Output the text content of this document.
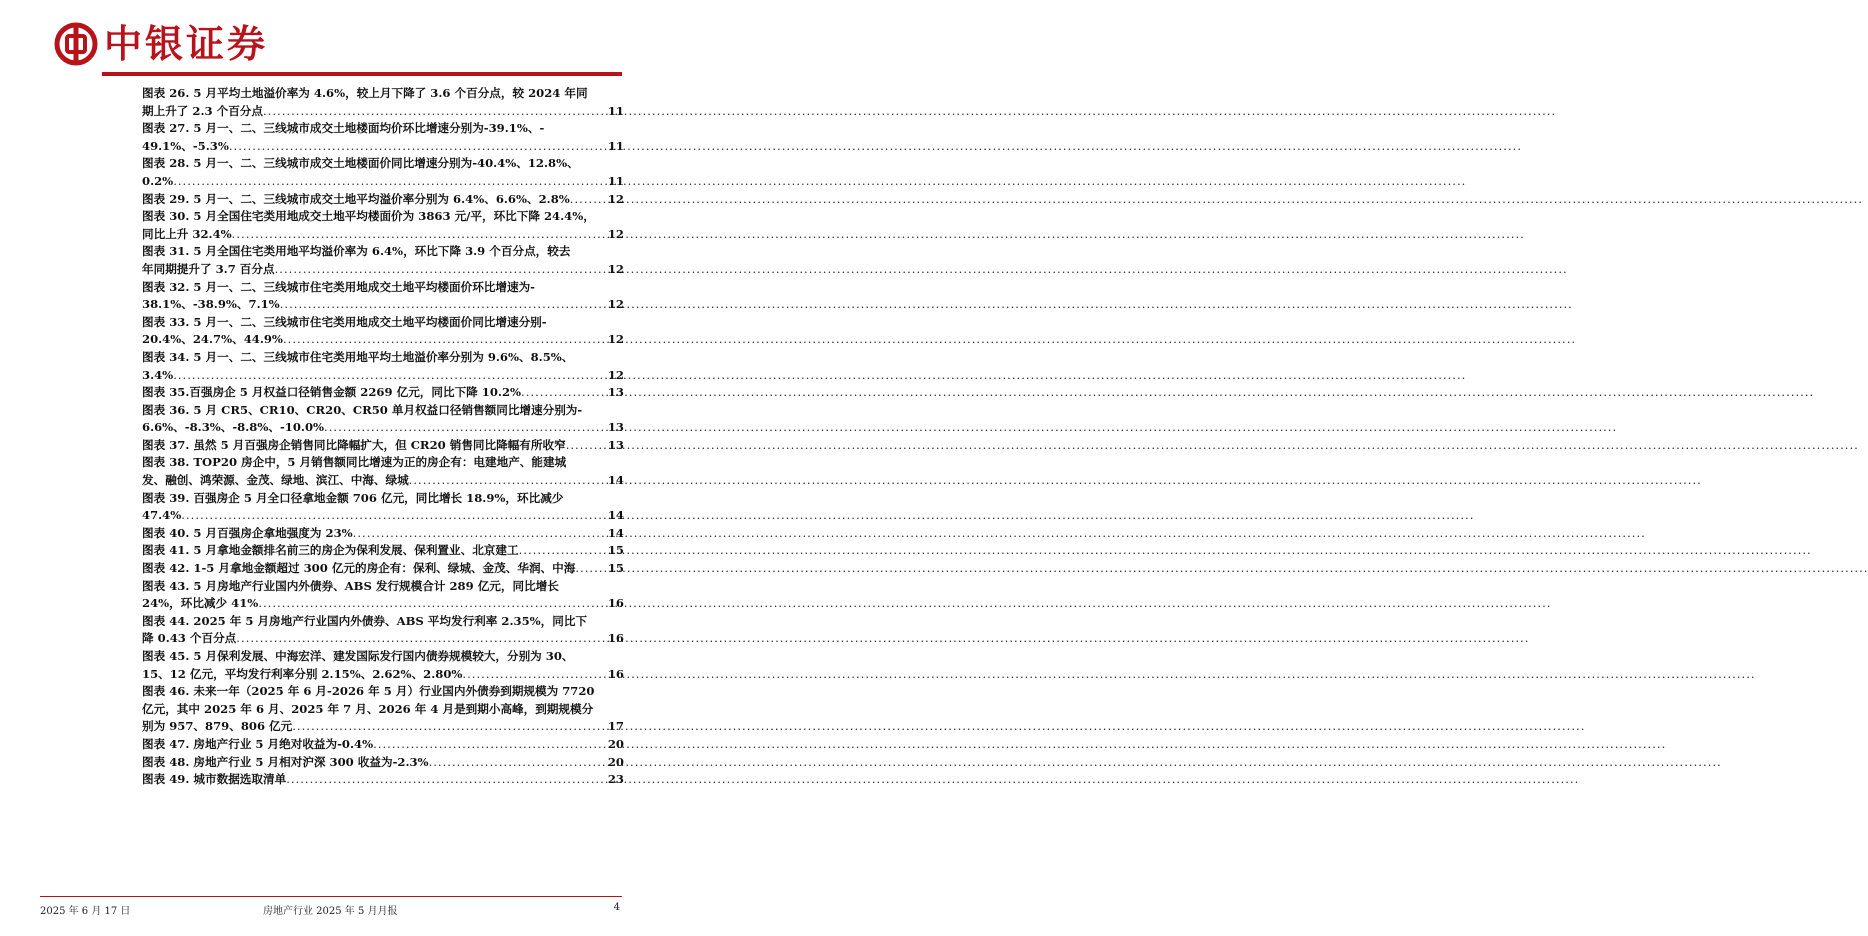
中银证券
图表 26. 5 月平均土地溢价率为 4.6%，较上月下降了 3.6 个百分点，较 2024 年同
期上升了 2.3 个百分点 .....	11
图表 27. 5 月一、二、三线城市成交土地楼面均价环比增速分别为-39.1%、-
49.1%、-5.3% .....	11
图表 28. 5 月一、二、三线城市成交土地楼面价同比增速分别为-40.4%、12.8%、
0.2% .....	11
图表 29. 5 月一、二、三线城市成交土地平均溢价率分别为 6.4%、6.6%、2.8% .....	12
图表 30. 5 月全国住宅类用地成交土地平均楼面价为 3863 元/平，环比下降 24.4%，
同比上升 32.4% .....	12
图表 31. 5 月全国住宅类用地平均溢价率为 6.4%，环比下降 3.9 个百分点，较去
年同期提升了 3.7 百分点 .....	12
图表 32. 5 月一、二、三线城市住宅类用地成交土地平均楼面价环比增速为-
38.1%、-38.9%、7.1% .....	12
图表 33. 5 月一、二、三线城市住宅类用地成交土地平均楼面价同比增速分别-
20.4%、24.7%、44.9% .....	12
图表 34. 5 月一、二、三线城市住宅类用地平均土地溢价率分别为 9.6%、8.5%、
3.4% .....	12
图表 35.百强房企 5 月权益口径销售金额 2269 亿元，同比下降 10.2% .....	13
图表 36. 5 月 CR5、CR10、CR20、CR50 单月权益口径销售额同比增速分别为-
6.6%、-8.3%、-8.8%、-10.0% .....	13
图表 37. 虽然 5 月百强房企销售同比降幅扩大，但 CR20 销售同比降幅有所收窄 .....	13
图表 38. TOP20 房企中，5 月销售额同比增速为正的房企有：电建地产、能建城
发、融创、鸿荣源、金茂、绿地、滨江、中海、绿城 .....	14
图表 39. 百强房企 5 月全口径拿地金额 706 亿元，同比增长 18.9%，环比减少
47.4% .....	14
图表 40. 5 月百强房企拿地强度为 23% .....	14
图表 41. 5 月拿地金额排名前三的房企为保利发展、保利置业、北京建工 .....	15
图表 42. 1-5 月拿地金额超过 300 亿元的房企有：保利、绿城、金茂、华润、中海 .....	15
图表 43. 5 月房地产行业国内外债券、ABS 发行规模合计 289 亿元，同比增长
24%，环比减少 41% .....	16
图表 44. 2025 年 5 月房地产行业国内外债券、ABS 平均发行利率 2.35%，同比下
降 0.43 个百分点 .....	16
图表 45. 5 月保利发展、中海宏洋、建发国际发行国内债券规模较大，分别为 30、
15、12 亿元，平均发行利率分别 2.15%、2.62%、2.80% .....	16
图表 46. 未来一年（2025 年 6 月-2026 年 5 月）行业国内外债券到期规模为 7720
亿元，其中 2025 年 6 月、2025 年 7 月、2026 年 4 月是到期小高峰，到期规模分
别为 957、879、806 亿元 .....	17
图表 47. 房地产行业 5 月绝对收益为-0.4% .....	20
图表 48. 房地产行业 5 月相对沪深 300 收益为-2.3% .....	20
图表 49. 城市数据选取清单 .....	23
2025 年 6 月 17 日	房地产行业 2025 年 5 月月报	4
